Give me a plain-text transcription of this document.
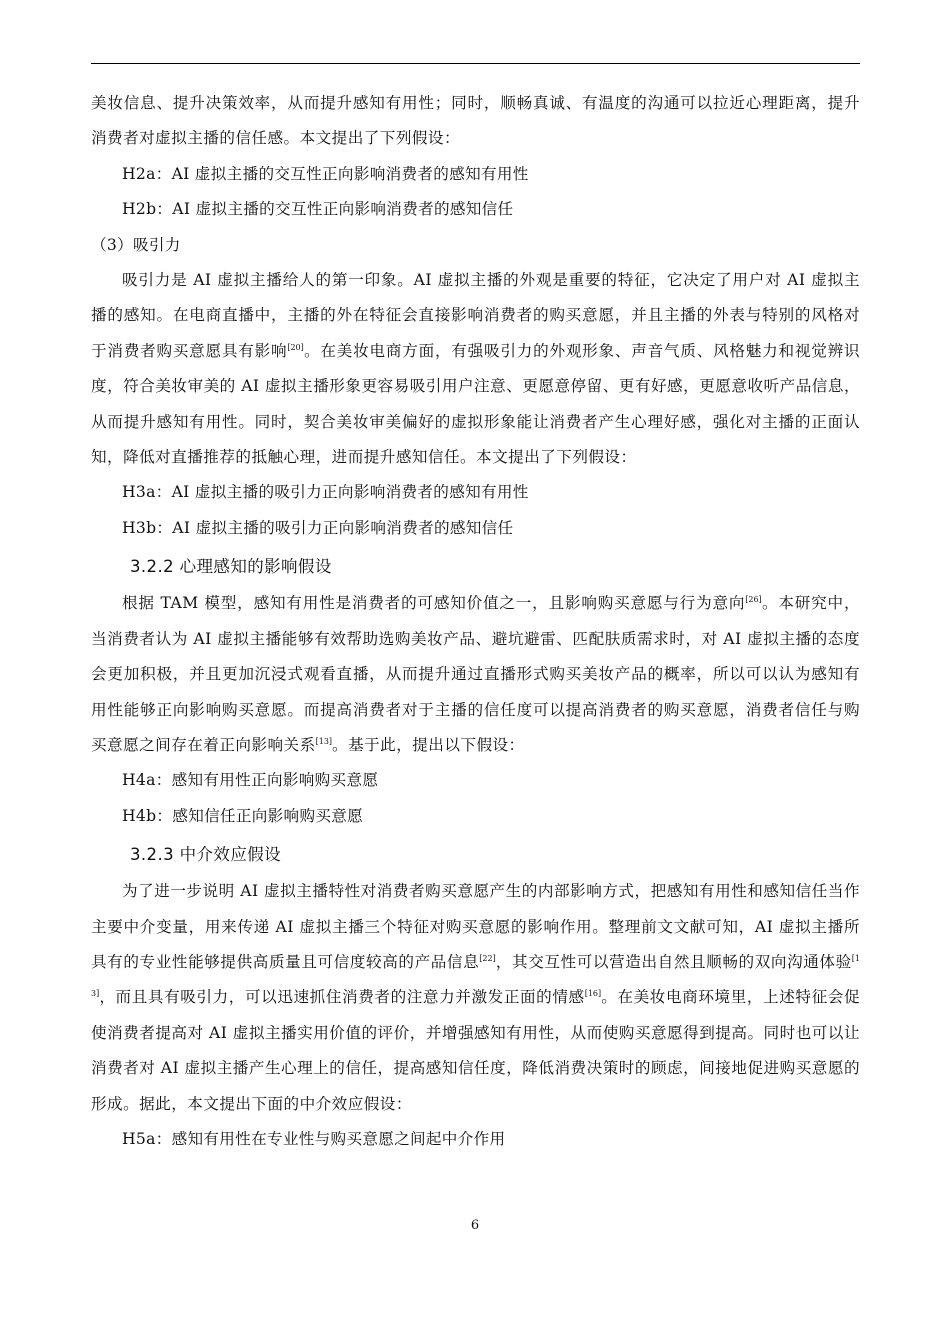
美妆信息、提升决策效率，从而提升感知有用性；同时，顺畅真诚、有温度的沟通可以拉近心理距离，提升消费者对虚拟主播的信任感。本文提出了下列假设：

H2a：AI 虚拟主播的交互性正向影响消费者的感知有用性

H2b：AI 虚拟主播的交互性正向影响消费者的感知信任

（3）吸引力

吸引力是 AI 虚拟主播给人的第一印象。AI 虚拟主播的外观是重要的特征，它决定了用户对 AI 虚拟主播的感知。在电商直播中，主播的外在特征会直接影响消费者的购买意愿，并且主播的外表与特别的风格对于消费者购买意愿具有影响[20]。在美妆电商方面，有强吸引力的外观形象、声音气质、风格魅力和视觉辨识度，符合美妆审美的 AI 虚拟主播形象更容易吸引用户注意、更愿意停留、更有好感，更愿意收听产品信息，从而提升感知有用性。同时，契合美妆审美偏好的虚拟形象能让消费者产生心理好感，强化对主播的正面认知，降低对直播推荐的抵触心理，进而提升感知信任。本文提出了下列假设：

H3a：AI 虚拟主播的吸引力正向影响消费者的感知有用性

H3b：AI 虚拟主播的吸引力正向影响消费者的感知信任

3.2.2 心理感知的影响假设

根据 TAM 模型，感知有用性是消费者的可感知价值之一，且影响购买意愿与行为意向[26]。本研究中，当消费者认为 AI 虚拟主播能够有效帮助选购美妆产品、避坑避雷、匹配肤质需求时，对 AI 虚拟主播的态度会更加积极，并且更加沉浸式观看直播，从而提升通过直播形式购买美妆产品的概率，所以可以认为感知有用性能够正向影响购买意愿。而提高消费者对于主播的信任度可以提高消费者的购买意愿，消费者信任与购买意愿之间存在着正向影响关系[13]。基于此，提出以下假设：

H4a：感知有用性正向影响购买意愿

H4b：感知信任正向影响购买意愿

3.2.3 中介效应假设

为了进一步说明 AI 虚拟主播特性对消费者购买意愿产生的内部影响方式，把感知有用性和感知信任当作主要中介变量，用来传递 AI 虚拟主播三个特征对购买意愿的影响作用。整理前文文献可知，AI 虚拟主播所具有的专业性能够提供高质量且可信度较高的产品信息[22]，其交互性可以营造出自然且顺畅的双向沟通体验[13]，而且具有吸引力，可以迅速抓住消费者的注意力并激发正面的情感[16]。在美妆电商环境里，上述特征会促使消费者提高对 AI 虚拟主播实用价值的评价，并增强感知有用性，从而使购买意愿得到提高。同时也可以让消费者对 AI 虚拟主播产生心理上的信任，提高感知信任度，降低消费决策时的顾虑，间接地促进购买意愿的形成。据此，本文提出下面的中介效应假设：

H5a：感知有用性在专业性与购买意愿之间起中介作用

6
